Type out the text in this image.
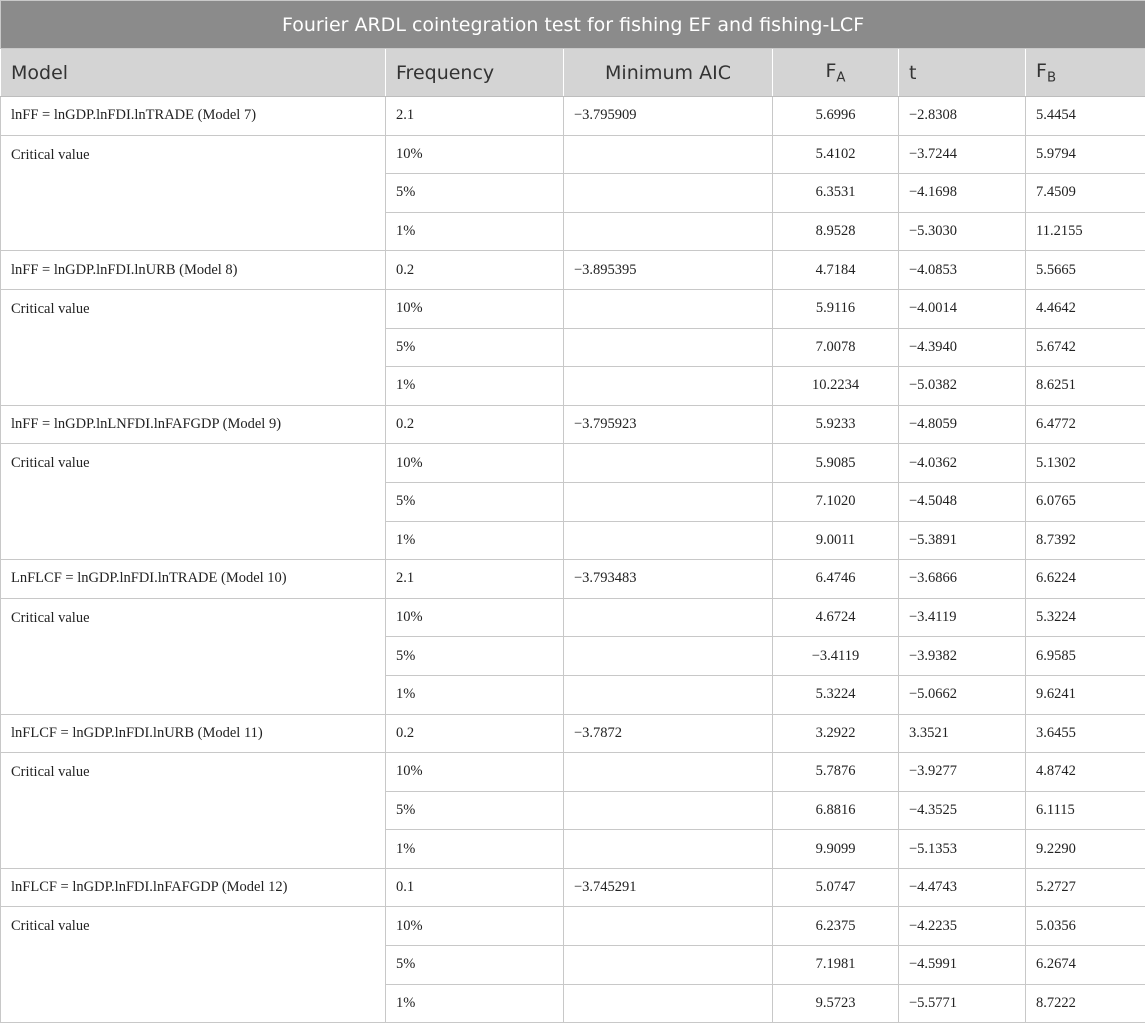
Fourier ARDL cointegration test for fishing EF and fishing-LCF					
Model	Frequency	Minimum AIC	$F_A$	t	$F_B$
lnFF = lnGDP.lnFDI.lnTRADE (Model 7)	2.1	−3.795909	5.6996	−2.8308	5.4454
Critical value	10%		5.4102	−3.7244	5.9794
	5%		6.3531	−4.1698	7.4509
	1%		8.9528	−5.3030	11.2155
lnFF = lnGDP.lnFDI.lnURB (Model 8)	0.2	−3.895395	4.7184	−4.0853	5.5665
Critical value	10%		5.9116	−4.0014	4.4642
	5%		7.0078	−4.3940	5.6742
	1%		10.2234	−5.0382	8.6251
lnFF = lnGDP.lnLNFDI.lnFAFGDP (Model 9)	0.2	−3.795923	5.9233	−4.8059	6.4772
Critical value	10%		5.9085	−4.0362	5.1302
	5%		7.1020	−4.5048	6.0765
	1%		9.0011	−5.3891	8.7392
LnFLCF = lnGDP.lnFDI.lnTRADE (Model 10)	2.1	−3.793483	6.4746	−3.6866	6.6224
Critical value	10%		4.6724	−3.4119	5.3224
	5%		−3.4119	−3.9382	6.9585
	1%		5.3224	−5.0662	9.6241
lnFLCF = lnGDP.lnFDI.lnURB (Model 11)	0.2	−3.7872	3.2922	3.3521	3.6455
Critical value	10%		5.7876	−3.9277	4.8742
	5%		6.8816	−4.3525	6.1115
	1%		9.9099	−5.1353	9.2290
lnFLCF = lnGDP.lnFDI.lnFAFGDP (Model 12)	0.1	−3.745291	5.0747	−4.4743	5.2727
Critical value	10%		6.2375	−4.2235	5.0356
	5%		7.1981	−4.5991	6.2674
	1%		9.5723	−5.5771	8.7222
